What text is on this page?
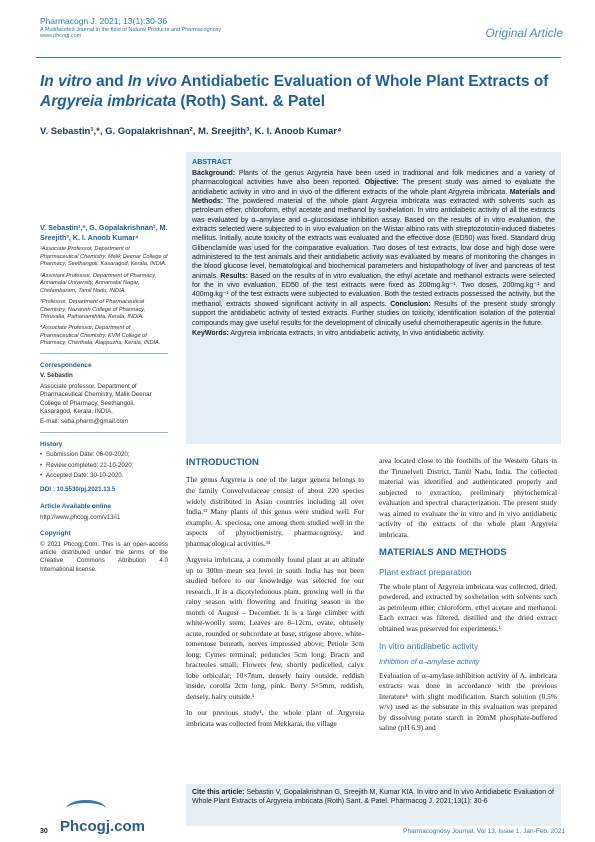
Pharmacogn J. 2021; 13(1):30-36
A Multifaceted Journal in the field of Natural Products and Pharmacognosy
www.phcogj.com	Original Article
In vitro and In vivo Antidiabetic Evaluation of Whole Plant Extracts of Argyreia imbricata (Roth) Sant. & Patel
V. Sebastin¹,*, G. Gopalakrishnan², M. Sreejith³, K. I. Anoob Kumar⁴
V. Sebastin¹,*, G. Gopalakrishnan², M. Sreejith³, K. I. Anoob Kumar⁴
¹Associate Professor, Department of Pharmaceutical Chemistry, Malik Deenar College of Pharmacy, Seethangoli, Kasaragod, Kerala, INDIA.
²Assistant Professor, Department of Pharmacy, Annamalai University, Annamalai Nagar, Chidambaram, Tamil Nadu, INDIA.
³Professor, Department of Pharmaceutical Chemistry, Nazareth College of Pharmacy, Thiruvalla, Pathanamthitta, Kerala, INDIA.
⁴Associate Professor, Department of Pharmaceutical Chemistry, KVM College of Pharmacy, Cherthala, Alappuzha, Kerala, INDIA.
Correspondence
V. Sebastin
Associate professor, Department of Pharmaceutical Chemistry, Malik Deenar College of Pharmacy, Seethangoli, Kasaragod, Kerala, INDIA.
E-mail: seba.pharm@gmail.com
History
• Submission Date: 06-09-2020;
• Review completed: 22-10-2020;
• Accepted Date: 30-10-2020.
DOI : 10.5530/pj.2021.13.5
Article Available online
http://www.phcogj.com/v13/i1
Copyright
© 2021 Phcogj.Com. This is an open-access article distributed under the terms of the Creative Commons Attribution 4.0 International license.
Phcogj.com
ABSTRACT
Background: Plants of the genus Argyreia have been used in traditional and folk medicines and a variety of pharmacological activities have also been reported. Objective: The present study was aimed to evaluate the antidiabetic activity in vitro and in vivo of the different extracts of the whole plant Argyreia imbricata. Materials and Methods: The powdered material of the whole plant Argyreia imbricata was extracted with solvents such as petroleum ether, chloroform, ethyl acetate and methanol by soxhelation. In vitro antidiabetic activity of all the extracts was evaluated by α–amylase and α–glucosidase inhibition assay. Based on the results of in vitro evaluation, the extracts selected were subjected to in vivo evaluation on the Wistar albino rats with streptozotocin-induced diabetes mellitus. Initially, acute toxicity of the extracts was evaluated and the effective dose (ED50) was fixed. Standard drug Glibenclamide was used for the comparative evaluation. Two doses of test extracts, low dose and high dose were administered to the test animals and their antidiabetic activity was evaluated by means of monitoring the changes in the blood glucose level, hematological and biochemical parameters and histopathology of liver and pancreas of test animals. Results: Based on the results of in vitro evaluation, the ethyl acetate and methanol extracts were selected for the in vivo evaluation. ED50 of the test extracts were fixed as 200mg.kg⁻¹. Two doses, 200mg.kg⁻¹ and 400mg.kg⁻¹ of the test extracts were subjected to evaluation. Both the tested extracts possessed the activity, but the methanol, extracts showed significant activity in all aspects. Conclusion: Results of the present study strongly support the antidiabetic activity of tested extracts. Further studies on toxicity, identification isolation of the potential compounds may give useful results for the development of clinically useful chemotherapeutic agents in the future.
KeyWords: Argyreia imbricata extracts, In vitro antidiabetic activity, In vivo antidiabetic activity.
INTRODUCTION
The genus Argyreia is one of the larger genera belongs to the family Convolvulaceae consist of about 220 species widely distributed in Asian countries including all over India.¹² Many plants of this genus were studied well. For example, A. speciosa, one among them studied well in the aspects of phytochemistry, pharmacognosy, and pharmacological activities.³⁴
Argyreia imbricata, a commonly found plant at an altitude up to 300m mean sea level in south India has not been studied before to our knowledge was selected for our research. It is a dicotyledonous plant, growing well in the rainy season with flowering and fruiting season in the month of August – December. It is a large climber with white-woolly stem; Leaves are 8–12cm, ovate, obtusely acute, rounded or subcordate at base, strigose above, white-tomentose beneath, nerves impressed above; Petiole 3cm long; Cymes terminal; peduncles 5cm long; Bracts and bracteoles small; Flowers few, shortly pedicelled, calyx lobe orbicular; 10×7mm, densely hairy outside, reddish inside, corolla 2cm long, pink. Berry 5×5mm, reddish, densely, hairy outside.¹
In our previous study¹, the whole plant of Argyreia imbricata was collected from Mekkarai, the village
area located close to the foothills of the Western Ghats in the Tirunelveli District, Tamil Nadu, India. The collected material was identified and authenticated properly and subjected to extraction, preliminary phytochemical evaluation and spectral characterization. The present study was aimed to evaluate the in vitro and in vivo antidiabetic activity of the extracts of the whole plant Argyreia imbricata.
MATERIALS AND METHODS
Plant extract preparation
The whole plant of Argyreia imbricata was collected, dried, powdered, and extracted by soxhelation with solvents such as petroleum ether, chloroform, ethyl acetate and methanol. Each extract was filtered, distilled and the dried extract obtained was preserved for experiments.¹
In vitro antidiabetic activity
Inhibition of α–amylase activity
Evaluation of α–amylase inhibition activity of A. imbricata extracts was done in accordance with the previous literature⁶ with slight modification. Starch solution (0.5% w/v) used as the substrate in this evaluation was prepared by dissolving potato starch in 20mM phosphate-buffered saline (pH 6.9) and
Cite this article: Sebastin V, Gopalakrishnan G, Sreejith M, Kumar KIA. In vitro and In vivo Antidiabetic Evaluation of Whole Plant Extracts of Argyreia imbricata (Roth) Sant. & Patel. Pharmacog J. 2021;13(1): 30-6
30	Pharmacognosy Journal, Vol 13, Issue 1, Jan-Feb, 2021
